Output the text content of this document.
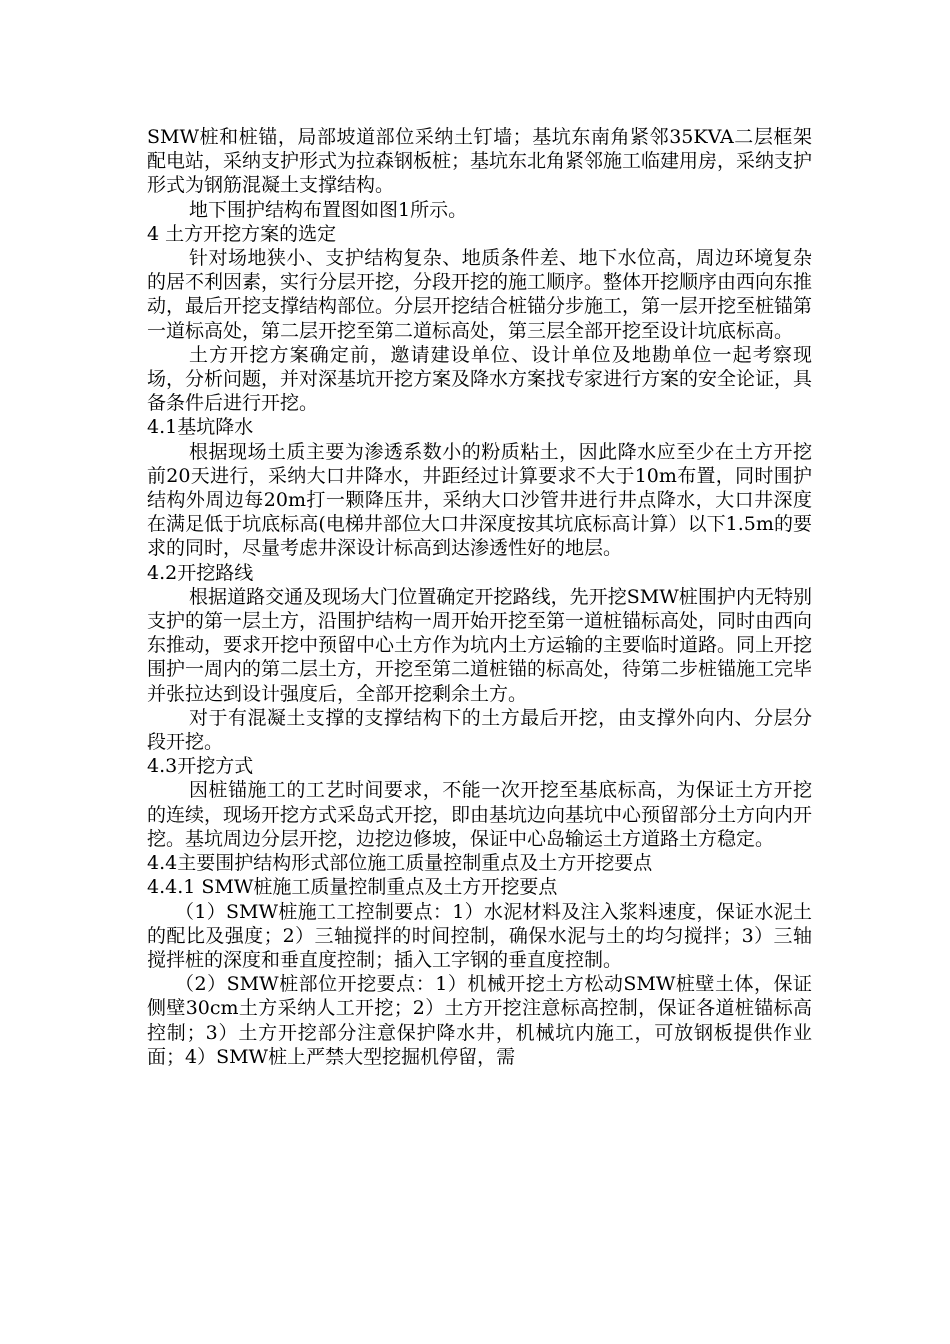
SMW桩和桩锚，局部坡道部位采纳土钉墙；基坑东南角紧邻35KVA二层框架配电站，采纳支护形式为拉森钢板桩；基坑东北角紧邻施工临建用房，采纳支护形式为钢筋混凝土支撑结构。

地下围护结构布置图如图1所示。

4 土方开挖方案的选定

针对场地狭小、支护结构复杂、地质条件差、地下水位高，周边环境复杂的居不利因素，实行分层开挖，分段开挖的施工顺序。整体开挖顺序由西向东推动，最后开挖支撑结构部位。分层开挖结合桩锚分步施工，第一层开挖至桩锚第一道标高处，第二层开挖至第二道标高处，第三层全部开挖至设计坑底标高。

土方开挖方案确定前，邀请建设单位、设计单位及地勘单位一起考察现场，分析问题，并对深基坑开挖方案及降水方案找专家进行方案的安全论证，具备条件后进行开挖。

4.1基坑降水

根据现场土质主要为渗透系数小的粉质粘土，因此降水应至少在土方开挖前20天进行，采纳大口井降水，井距经过计算要求不大于10m布置，同时围护结构外周边每20m打一颗降压井，采纳大口沙管井进行井点降水，大口井深度在满足低于坑底标高(电梯井部位大口井深度按其坑底标高计算）以下1.5m的要求的同时，尽量考虑井深设计标高到达渗透性好的地层。

4.2开挖路线

根据道路交通及现场大门位置确定开挖路线，先开挖SMW桩围护内无特别支护的第一层土方，沿围护结构一周开始开挖至第一道桩锚标高处，同时由西向东推动，要求开挖中预留中心土方作为坑内土方运输的主要临时道路。同上开挖围护一周内的第二层土方，开挖至第二道桩锚的标高处，待第二步桩锚施工完毕并张拉达到设计强度后，全部开挖剩余土方。

对于有混凝土支撑的支撑结构下的土方最后开挖，由支撑外向内、分层分段开挖。

4.3开挖方式

因桩锚施工的工艺时间要求，不能一次开挖至基底标高，为保证土方开挖的连续，现场开挖方式采岛式开挖，即由基坑边向基坑中心预留部分土方向内开挖。基坑周边分层开挖，边挖边修坡，保证中心岛输运土方道路土方稳定。

4.4主要围护结构形式部位施工质量控制重点及土方开挖要点

4.4.1 SMW桩施工质量控制重点及土方开挖要点

（1）SMW桩施工工控制要点：1）水泥材料及注入浆料速度，保证水泥土的配比及强度；2）三轴搅拌的时间控制，确保水泥与土的均匀搅拌；3）三轴搅拌桩的深度和垂直度控制；插入工字钢的垂直度控制。

（2）SMW桩部位开挖要点：1）机械开挖土方松动SMW桩壁土体，保证侧壁30cm土方采纳人工开挖；2）土方开挖注意标高控制，保证各道桩锚标高控制；3）土方开挖部分注意保护降水井，机械坑内施工，可放钢板提供作业面；4）SMW桩上严禁大型挖掘机停留，需
